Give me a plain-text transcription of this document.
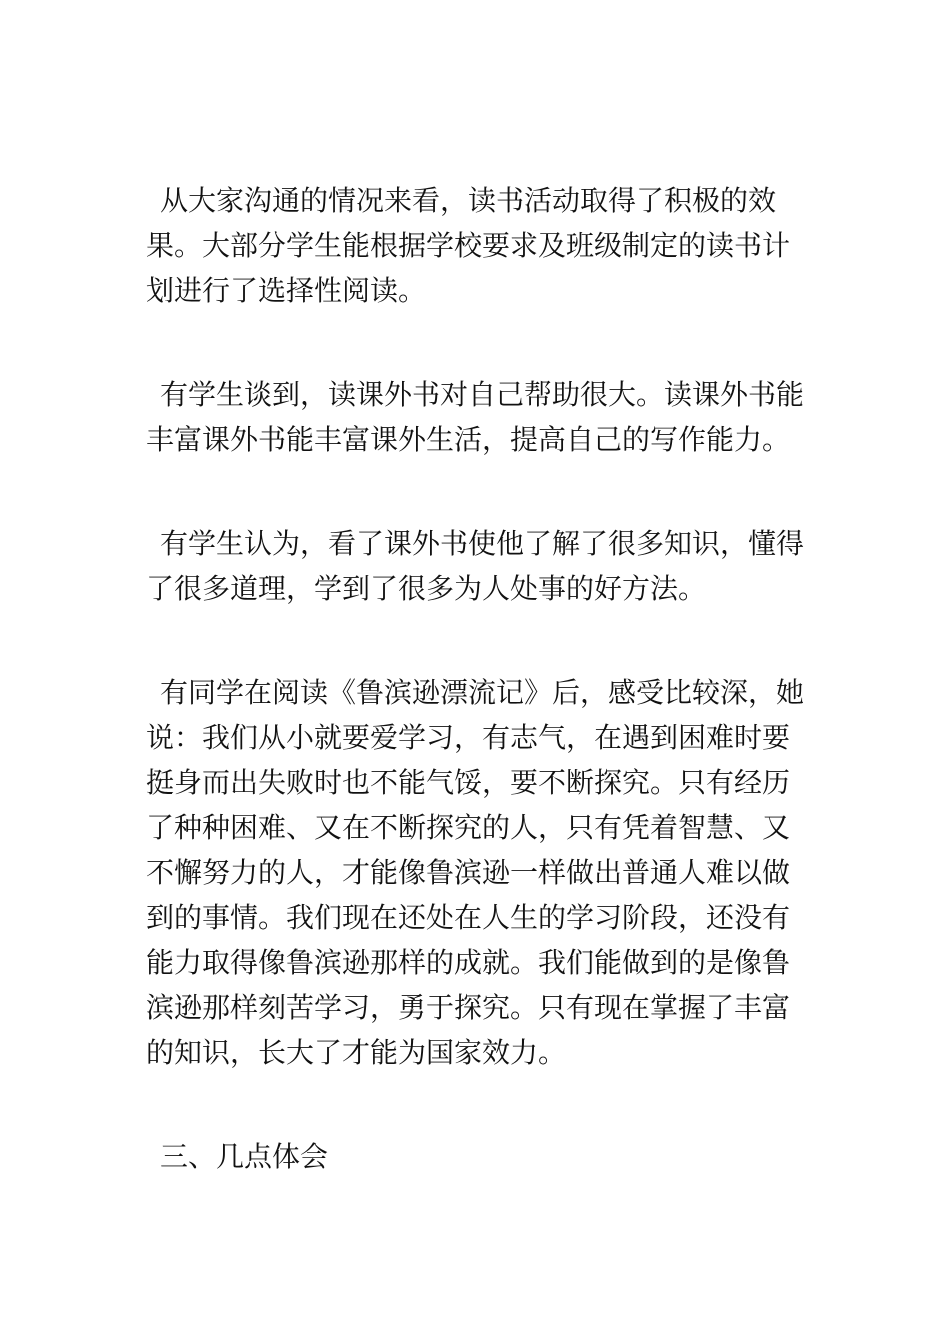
从大家沟通的情况来看，读书活动取得了积极的效果。大部分学生能根据学校要求及班级制定的读书计划进行了选择性阅读。

有学生谈到，读课外书对自己帮助很大。读课外书能丰富课外书能丰富课外生活，提高自己的写作能力。

有学生认为，看了课外书使他了解了很多知识，懂得了很多道理，学到了很多为人处事的好方法。

有同学在阅读《鲁滨逊漂流记》后，感受比较深，她说：我们从小就要爱学习，有志气，在遇到困难时要挺身而出失败时也不能气馁，要不断探究。只有经历了种种困难、又在不断探究的人，只有凭着智慧、又不懈努力的人，才能像鲁滨逊一样做出普通人难以做到的事情。我们现在还处在人生的学习阶段，还没有能力取得像鲁滨逊那样的成就。我们能做到的是像鲁滨逊那样刻苦学习，勇于探究。只有现在掌握了丰富的知识，长大了才能为国家效力。

三、几点体会
